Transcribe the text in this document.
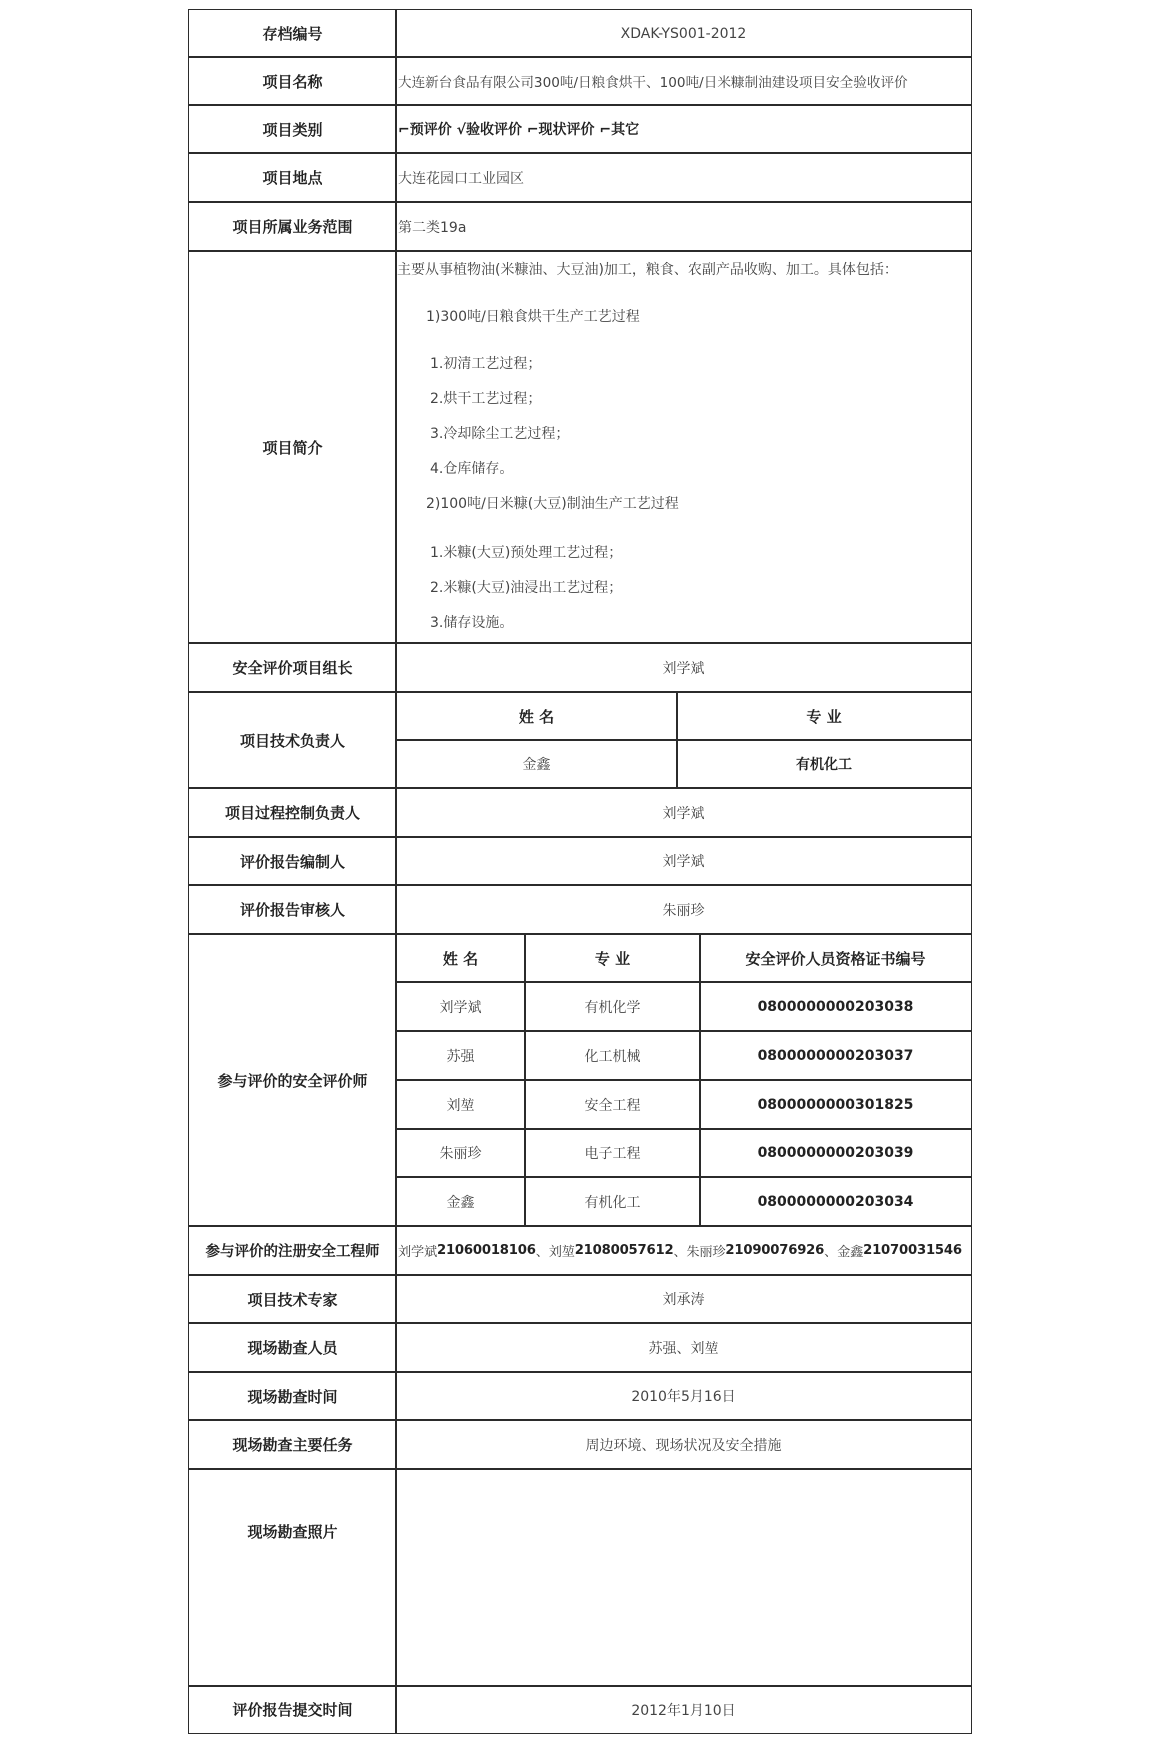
存档编号	XDAK-YS001-2012
项目名称	大连新台食品有限公司300吨/日粮食烘干、100吨/日米糠制油建设项目安全验收评价
项目类别	⌐预评价 √验收评价 ⌐现状评价 ⌐其它
项目地点	大连花园口工业园区
项目所属业务范围	第二类19a
项目简介
主要从事植物油(米糠油、大豆油)加工，粮食、农副产品收购、加工。具体包括：
1)300吨/日粮食烘干生产工艺过程
1.初清工艺过程；
2.烘干工艺过程；
3.冷却除尘工艺过程；
4.仓库储存。
2)100吨/日米糠(大豆)制油生产工艺过程
1.米糠(大豆)预处理工艺过程；
2.米糠(大豆)油浸出工艺过程；
3.储存设施。
安全评价项目组长	刘学斌
项目技术负责人
姓 名	专 业
金鑫	有机化工
项目过程控制负责人	刘学斌
评价报告编制人	刘学斌
评价报告审核人	朱丽珍
参与评价的安全评价师
姓 名	专 业	安全评价人员资格证书编号
刘学斌	有机化学	0800000000203038
苏强	化工机械	0800000000203037
刘堃	安全工程	0800000000301825
朱丽珍	电子工程	0800000000203039
金鑫	有机化工	0800000000203034
参与评价的注册安全工程师	刘学斌 21060018106 、刘堃 21080057612 、朱丽珍 21090076926 、金鑫 21070031546
项目技术专家	刘承涛
现场勘查人员	苏强、刘堃
现场勘查时间	2010年5月16日
现场勘查主要任务	周边环境、现场状况及安全措施
现场勘查照片
评价报告提交时间	2012年1月10日
